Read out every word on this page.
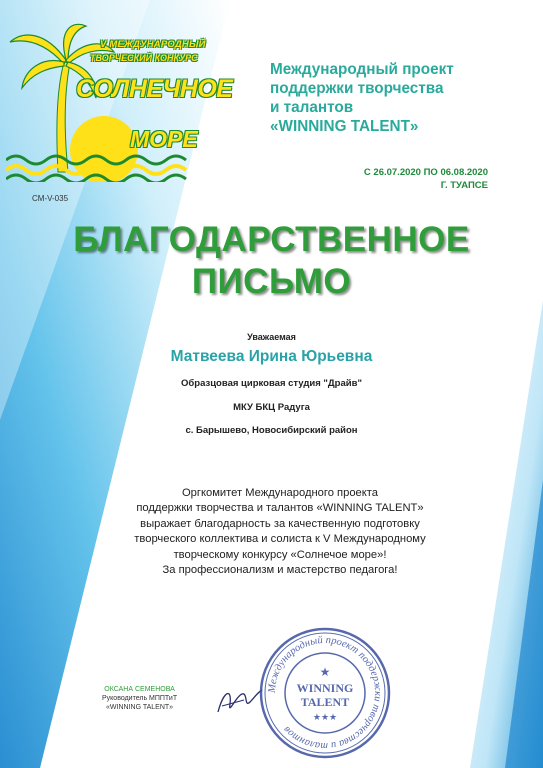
V МЕЖДУНАРОДНЫЙ
ТВОРЧЕСКИЙ КОНКУРС
СОЛНЕЧНОЕ
МОРЕ
Международный проект
поддержки творчества
и талантов
«WINNING TALENT»
С 26.07.2020 ПО 06.08.2020
Г. ТУАПСЕ
CM-V-035
БЛАГОДАРСТВЕННОЕ
ПИСЬМО
Уважаемая
Матвеева Ирина Юрьевна
Образцовая цирковая студия "Драйв"
МКУ БКЦ Радуга
с. Барышево, Новосибирский район
Оргкомитет Международного проекта
поддержки творчества и талантов «WINNING TALENT»
выражает благодарность за качественную подготовку
творческого коллектива и солиста к V Международному
творческому конкурсу «Солнечое море»!
За профессионализм и мастерство педагога!
ОКСАНА СЕМЕНОВА
Руководитель МППТиТ
«WINNING TALENT»
Международный проект поддержки творчества и талантов
★
WINNING
TALENT
★★★
